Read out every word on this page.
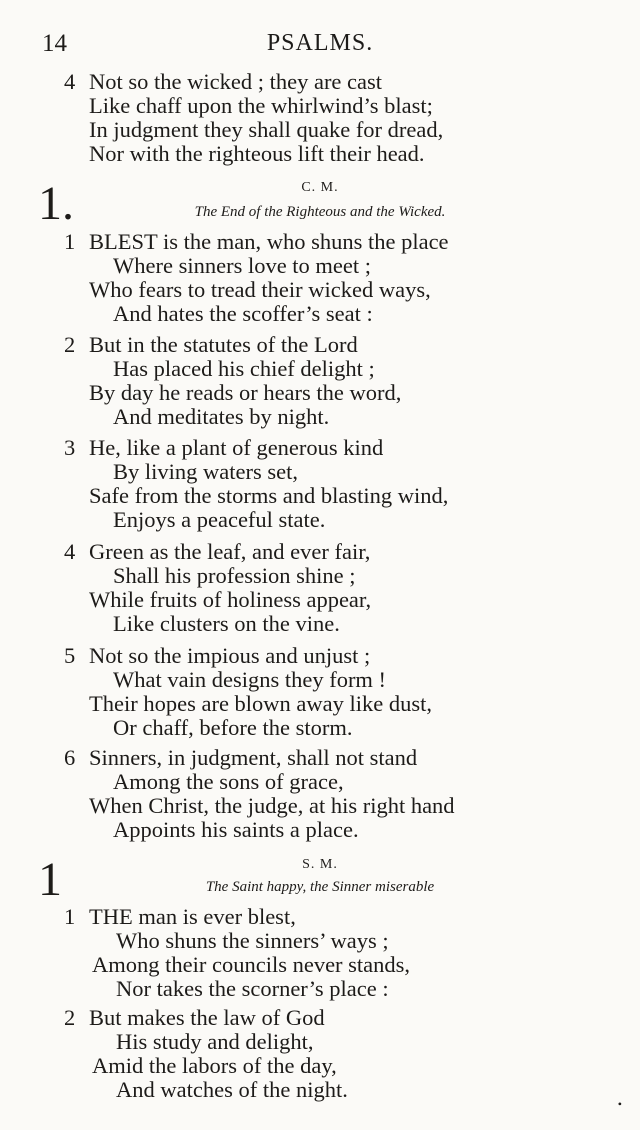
14	PSALMS.
4 Not so the wicked ; they are cast
Like chaff upon the whirlwind’s blast;
In judgment they shall quake for dread,
Nor with the righteous lift their head.
1.	C. M.
The End of the Righteous and the Wicked.
1 BLEST is the man, who shuns the place
Where sinners love to meet ;
Who fears to tread their wicked ways,
And hates the scoffer’s seat :
2 But in the statutes of the Lord
Has placed his chief delight ;
By day he reads or hears the word,
And meditates by night.
3 He, like a plant of generous kind
By living waters set,
Safe from the storms and blasting wind,
Enjoys a peaceful state.
4 Green as the leaf, and ever fair,
Shall his profession shine ;
While fruits of holiness appear,
Like clusters on the vine.
5 Not so the impious and unjust ;
What vain designs they form !
Their hopes are blown away like dust,
Or chaff, before the storm.
6 Sinners, in judgment, shall not stand
Among the sons of grace,
When Christ, the judge, at his right hand
Appoints his saints a place.
1	S. M.
The Saint happy, the Sinner miserable
1 THE man is ever blest,
Who shuns the sinners’ ways ;
Among their councils never stands,
Nor takes the scorner’s place :
2 But makes the law of God
His study and delight,
Amid the labors of the day,
And watches of the night.
•
